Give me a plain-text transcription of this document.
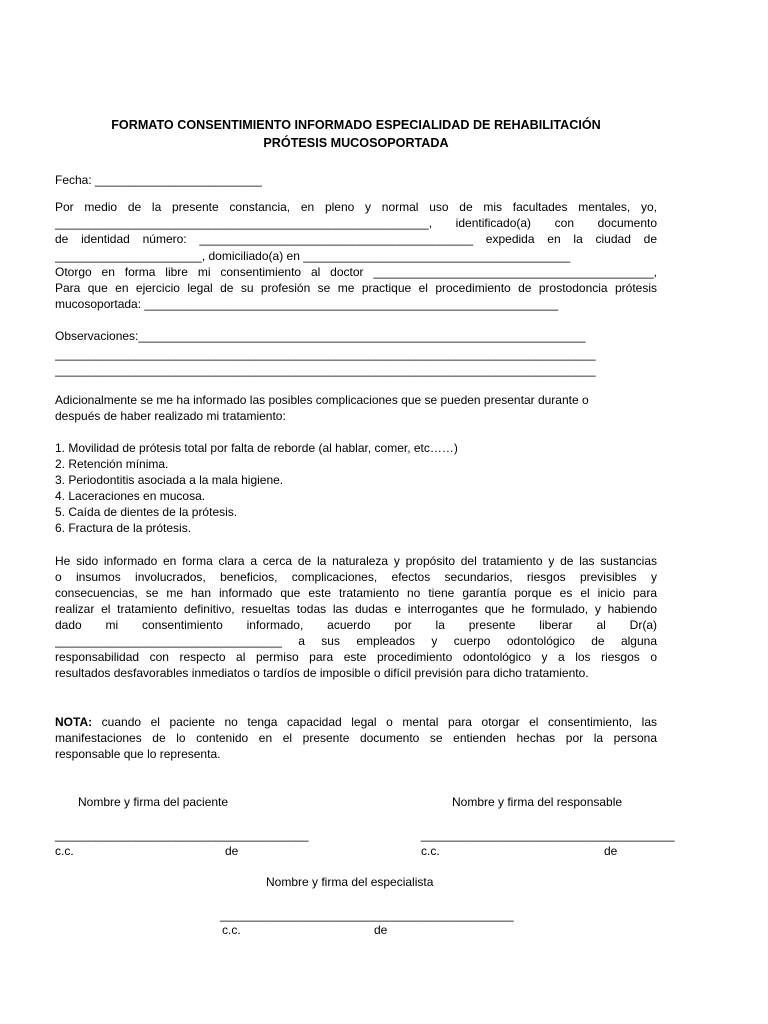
FORMATO CONSENTIMIENTO INFORMADO ESPECIALIDAD DE REHABILITACIÓN
PRÓTESIS MUCOSOPORTADA
Fecha: _________________________
Por medio de la presente constancia, en pleno y normal uso de mis facultades mentales, yo,
________________________________________________________, identificado(a) con documento
de identidad número: _________________________________________ expedida en la ciudad de
______________________, domiciliado(a) en ________________________________________
Otorgo en forma libre mi consentimiento al doctor __________________________________________,
Para que en ejercicio legal de su profesión se me practique el procedimiento de prostodoncia prótesis
mucosoportada: ______________________________________________________________
Observaciones:___________________________________________________________________
_________________________________________________________________________________
_________________________________________________________________________________
Adicionalmente se me ha informado las posibles complicaciones que se pueden presentar durante o
después de haber realizado mi tratamiento:
1. Movilidad de prótesis total por falta de reborde (al hablar, comer, etc……)
2. Retención mínima.
3. Periodontitis asociada a la mala higiene.
4. Laceraciones en mucosa.
5. Caída de dientes de la prótesis.
6. Fractura de la prótesis.
He sido informado en forma clara a cerca de la naturaleza y propósito del tratamiento y de las sustancias
o insumos involucrados, beneficios, complicaciones, efectos secundarios, riesgos previsibles y
consecuencias, se me han informado que este tratamiento no tiene garantía porque es el inicio para
realizar el tratamiento definitivo, resueltas todas las dudas e interrogantes que he formulado, y habiendo
dado mi consentimiento informado, acuerdo por la presente liberar al Dr(a)
__________________________________ a sus empleados y cuerpo odontológico de alguna
responsabilidad con respecto al permiso para este procedimiento odontológico y a los riesgos o
resultados desfavorables inmediatos o tardíos de imposible o difícil previsión para dicho tratamiento.
NOTA: cuando el paciente no tenga capacidad legal o mental para otorgar el consentimiento, las
manifestaciones de lo contenido en el presente documento se entienden hechas por la persona
responsable que lo representa.
Nombre y firma del paciente
______________________________________
c.c.	de
Nombre y firma del responsable
______________________________________
c.c.	de
Nombre y firma del especialista
____________________________________________
c.c.	de
